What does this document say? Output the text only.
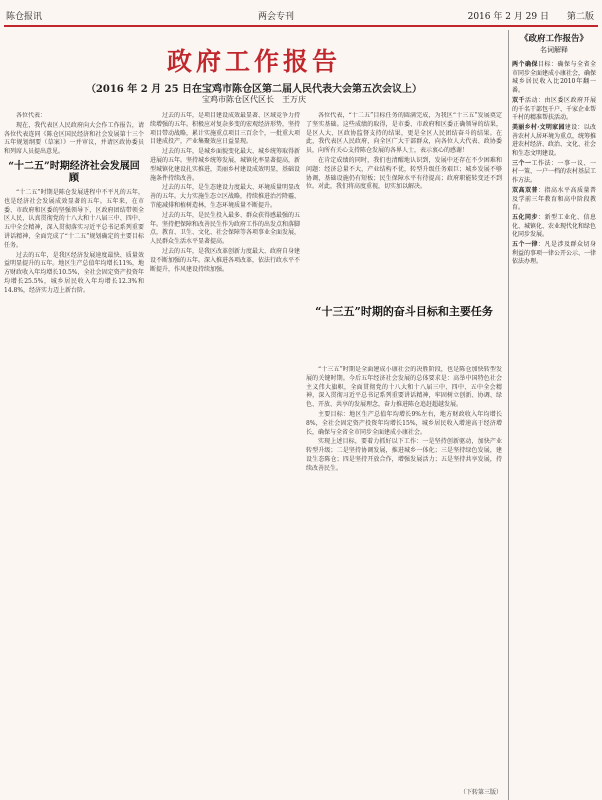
陈仓报讯	两会专刊	2016 年 2 月 29 日　　第二版
政府工作报告
（2016 年 2 月 25 日在宝鸡市陈仓区第二届人民代表大会第五次会议上）
宝鸡市陈仓区代区长　王万庆

各位代表：

现在，我代表区人民政府向大会作工作报告，请各位代表连同《陈仓区国民经济和社会发展第十三个五年规划纲要（草案）》一并审议，并请区政协委员和列席人员提出意见。

“十二五”时期经济社会发展回顾

“十二五”时期是陈仓发展进程中不平凡的五年，也是经济社会发展成效显著的五年。五年来，在市委、市政府和区委的坚强领导下，区政府团结带领全区人民，认真贯彻党的十八大和十八届三中、四中、五中全会精神，深入贯彻落实习近平总书记系列重要讲话精神，全面完成了“十二五”规划确定的主要目标任务。

过去的五年，是我区经济发展速度最快、质量效益明显提升的五年。地区生产总值年均增长11%，地方财政收入年均增长10.5%，全社会固定资产投资年均增长25.5%，城乡居民收入年均增长12.3%和14.8%，经济实力迈上新台阶。

过去的五年，是项目建设成效最显著、区域竞争力持续增强的五年。积极应对复杂多变的宏观经济形势，坚持项目带动战略，累计实施重点项目三百余个，一批重大项目建成投产，产业集聚效应日益显现。

过去的五年，是城乡面貌变化最大、城乡统筹取得新进展的五年。坚持城乡统筹发展，城镇化率显著提高，新型城镇化建设扎实推进，美丽乡村建设成效明显，基础设施条件持续改善。

过去的五年，是生态建设力度最大、环境质量明显改善的五年。大力实施生态立区战略，持续推进治污降霾、节能减排和植树造林，生态环境质量不断提升。

过去的五年，是民生投入最多、群众获得感最强的五年。坚持把保障和改善民生作为政府工作的出发点和落脚点，教育、卫生、文化、社会保障等各项事业全面发展，人民群众生活水平显著提高。

过去的五年，是我区改革创新力度最大、政府自身建设不断加强的五年。深入推进各项改革，依法行政水平不断提升，作风建设持续加强。

各位代表，“十二五”目标任务的圆满完成，为我区“十三五”发展奠定了坚实基础。这些成绩的取得，是市委、市政府和区委正确领导的结果，是区人大、区政协监督支持的结果，更是全区人民团结奋斗的结果。在此，我代表区人民政府，向全区广大干部群众，向各位人大代表、政协委员，向所有关心支持陈仓发展的各界人士，表示衷心的感谢！

在肯定成绩的同时，我们也清醒地认识到，发展中还存在不少困难和问题：经济总量不大，产业结构不优，转型升级任务艰巨；城乡发展不够协调，基础设施仍有短板；民生保障水平有待提高；政府职能转变还不到位。对此，我们将高度重视，切实加以解决。

“十三五”时期的奋斗目标和主要任务

“十三五”时期是全面建成小康社会的决胜阶段，也是陈仓加快转型发展的关键时期。今后五年经济社会发展的总体要求是：高举中国特色社会主义伟大旗帜，全面贯彻党的十八大和十八届三中、四中、五中全会精神，深入贯彻习近平总书记系列重要讲话精神，牢固树立创新、协调、绿色、开放、共享的发展理念，奋力推进陈仓追赶超越发展。

主要目标：地区生产总值年均增长9%左右，地方财政收入年均增长8%，全社会固定资产投资年均增长15%，城乡居民收入增速高于经济增长，确保与全省全市同步全面建成小康社会。

实现上述目标，要着力抓好以下工作：一是坚持创新驱动，加快产业转型升级；二是坚持协调发展，推进城乡一体化；三是坚持绿色发展，建设生态陈仓；四是坚持开放合作，增强发展活力；五是坚持共享发展，持续改善民生。

（下转第三版）
《政府工作报告》
名词解释

两个确保目标：确保与全省全市同步全面建成小康社会，确保城乡居民收入比2010年翻一番。

双千活动：由区委区政府开展的千名干部包千户、千家企业帮千村的精准帮扶活动。

美丽乡村·文明家园建设：以改善农村人居环境为重点，统筹推进农村经济、政治、文化、社会和生态文明建设。

三个一工作法：一事一议、一村一策、一户一档的农村基层工作方法。

双高双普：指高水平高质量普及学前三年教育和高中阶段教育。

五化同步：新型工业化、信息化、城镇化、农业现代化和绿色化同步发展。

五个一律：凡是涉及群众切身利益的事项一律公开公示、一律依法办理。
